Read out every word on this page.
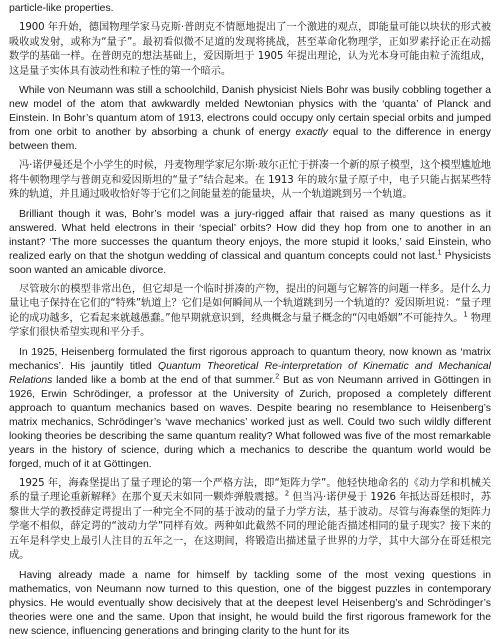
particle-like properties.

1900 年升始，德国物理学家马克斯·普朗克不情愿地提出了一个激进的观点，即能量可能以块状的形式被吸收或发射，或称为“量子”。最初看似微不足道的发现将挑战，甚至革命化物理学，正如罗素抒论正在动摇数学的基础一样。在普朗克的想法基础上，爱因斯坦于 1905 年提出理论，认为光本身可能由粒子流组成，这是量子实体具有波动性和粒子性的第一个暗示。

While von Neumann was still a schoolchild, Danish physicist Niels Bohr was busily cobbling together a new model of the atom that awkwardly melded Newtonian physics with the ‘quanta’ of Planck and Einstein. In Bohr’s quantum atom of 1913, electrons could occupy only certain special orbits and jumped from one orbit to another by absorbing a chunk of energy exactly equal to the difference in energy between them.

冯·诺伊曼还是个小学生的时候，丹麦物理学家尼尔斯·玻尔正忙于拼凑一个新的原子模型，这个模型尴尬地将牛顿物理学与普朗克和爱因斯坦的“量子”结合起来。在 1913 年的玻尔量子原子中，电子只能占据某些特殊的轨道，并且通过吸收恰好等于它们之间能量差的能量块，从一个轨道跳到另一个轨道。

Brilliant though it was, Bohr’s model was a jury-rigged affair that raised as many questions as it answered. What held electrons in their ‘special’ orbits? How did they hop from one to another in an instant? ‘The more successes the quantum theory enjoys, the more stupid it looks,’ said Einstein, who realized early on that the shotgun wedding of classical and quantum concepts could not last.$^1$ Physicists soon wanted an amicable divorce.

尽管玻尔的模型非常出色，但它却是一个临时拼凑的产物，提出的问题与它解答的问题一样多。是什么力量让电子保持在它们的“特殊”轨道上？它们是如何瞬间从一个轨道跳到另一个轨道的？爱因斯坦说：“量子理论的成功越多，它看起来就越愚蠢。”他早期就意识到，经典概念与量子概念的“闪电婚姻”不可能持久。$^1$ 物理学家们很快希望实现和平分手。

In 1925, Heisenberg formulated the first rigorous approach to quantum theory, now known as ‘matrix mechanics’. His jauntily titled Quantum Theoretical Re-interpretation of Kinematic and Mechanical Relations landed like a bomb at the end of that summer.$^2$ But as von Neumann arrived in Göttingen in 1926, Erwin Schrödinger, a professor at the University of Zurich, proposed a completely different approach to quantum mechanics based on waves. Despite bearing no resemblance to Heisenberg’s matrix mechanics, Schrödinger’s ‘wave mechanics’ worked just as well. Could two such wildly different looking theories be describing the same quantum reality? What followed was five of the most remarkable years in the history of science, during which a mechanics to describe the quantum world would be forged, much of it at Göttingen.

1925 年，海森堡提出了量子理论的第一个严格方法，即“矩阵力学”。他轻快地命名的《动力学和机械关系的量子理论重新解释》在那个夏天末如同一颗炸弹般震撼。$^2$ 但当冯·诺伊曼于 1926 年抵达哥廷根时，苏黎世大学的教授薛定谔提出了一种完全不同的基于波动的量子力学方法，基于波动。尽管与海森堡的矩阵力学毫不相似，薛定谔的“波动力学”同样有效。两种如此截然不同的理论能否描述相同的量子现实？接下来的五年是科学史上最引人注目的五年之一，在这期间，将锻造出描述量子世界的力学，其中大部分在哥廷根完成。

Having already made a name for himself by tackling some of the most vexing questions in mathematics, von Neumann now turned to this question, one of the biggest puzzles in contemporary physics. He would eventually show decisively that at the deepest level Heisenberg’s and Schrödinger’s theories were one and the same. Upon that insight, he would build the first rigorous framework for the new science, influencing generations and bringing clarity to the hunt for its
